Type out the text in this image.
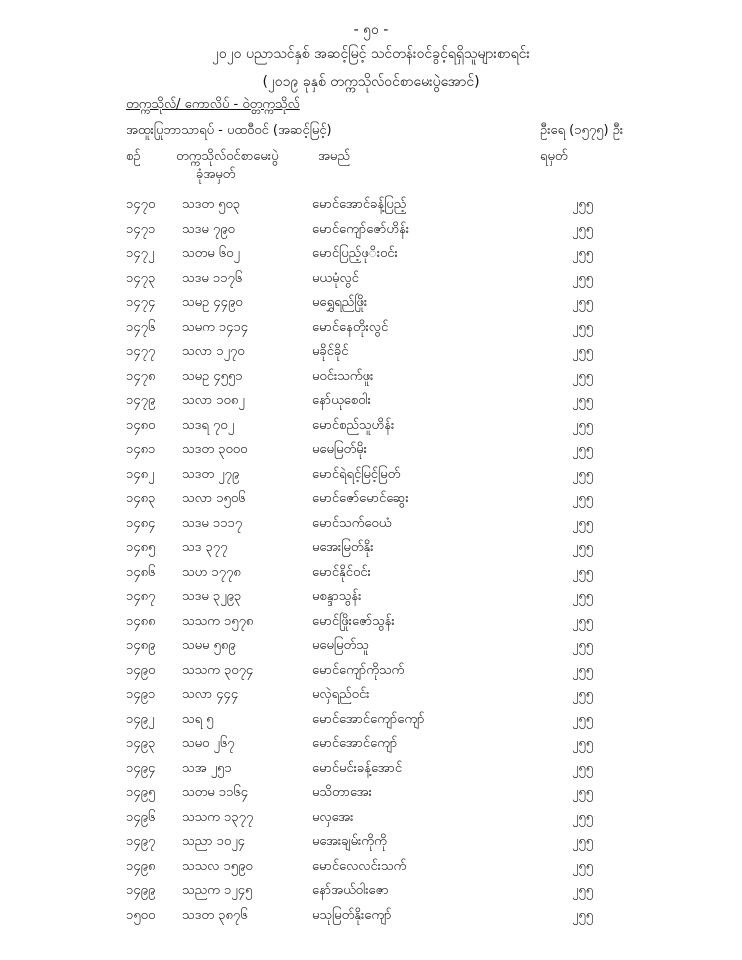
- ၅၀ -
၂၀၂၀ ပညာသင်နှစ် အဆင့်မြင့် သင်တန်းဝင်ခွင့်ရရှိသူများစာရင်း
(၂၀၁၉ ခုနှစ် တက္ကသိုလ်ဝင်စာမေးပွဲအောင်)
တက္ကသိုလ်/ ကောလိပ် - ဝဲတ္တက္ကသိုလ်
အထူးပြုဘာသာရပ် - ပထဝီဝင် (အဆင့်မြင့်)	ဦးရေ (၁၅၇၅) ဦး
စဉ်	တက္ကသိုလ်ဝင်စာမေးပွဲ
ခုံအမှတ်
အမည်	ရမှတ်
၁၄၇၀ သဒတ ၅၀၃	မောင်အောင်ခန့်ပြည့်	၂၅၅
၁၄၇၁ သဒမ ၇၉၀	မောင်ကျော်ဇော်ဟိန်း	၂၅၅
၁၄၇၂ သတမ ၆၀၂	မောင်ပြည့်ဖုိးဝင်း	၂၅၅
၁၄၇၃ သဒမ ၁၁၇၆	မယမုံလွင်	၂၅၅
၁၄၇၄ သမဥ ၄၄၉၀	မရွှေရည်ဖြိုး	၂၅၅
၁၄၇၆ သမက ၁၄၁၄	မောင်နေတိုးလွင်	၂၅၅
၁၄၇၇ သလာ ၁၂၇၀	မခိုင်ခိုင်	၂၅၅
၁၄၇၈ သမဥ ၄၅၅၁	မဝင်းသက်ဖူး	၂၅၅
၁၄၇၉ သလာ ၁၀၈၂	နော်ယုစေဝါး	၂၅၅
၁၄၈၀ သဒရ ၇၀၂	မောင်စည်သူဟိန်း	၂၅၅
၁၄၈၁ သဒတ ၃၀၀၀	မမေမြတ်မိုး	၂၅၅
၁၄၈၂ သဒတ ၂၇၉	မောင်ရဲရင့်မြင့်မြတ်	၂၅၅
၁၄၈၃ သလာ ၁၅၀၆	မောင်ဇော်မောင်ဆွေး	၂၅၅
၁၄၈၄ သဒမ ၁၁၁၇	မောင်သက်ဝေယံ	၂၅၅
၁၄၈၅ သဒ ၃၇၇	မအေးမြတ်နိုး	၂၅၅
၁၄၈၆ သဟ ၁၇၇၈	မောင်နိုင်ဝင်း	၂၅၅
၁၄၈၇ သဒမ ၃၂၉၃	မစန္ဒာသွန်း	၂၅၅
၁၄၈၈ သသက ၁၅၇၈	မောင်ဖြိုးဇော်သွန်း	၂၅၅
၁၄၈၉ သမမ ၅၈၉	မမေမြတ်သူ	၂၅၅
၁၄၉၀ သသက ၃၀၇၄	မောင်ကျော်ကိုသက်	၂၅၅
၁၄၉၁ သလာ ၄၄၄	မလှဲရည်ဝင်း	၂၅၅
၁၄၉၂ သရ ၅	မောင်အောင်ကျော်ကျော်	၂၅၅
၁၄၉၃ သမဝ ၂၆၇	မောင်အောင်ကျော်	၂၅၅
၁၄၉၄ သအ ၂၅၁	မောင်မင်းခန့်အောင်	၂၅၅
၁၄၉၅ သတမ ၁၁၆၄	မသိတာအေး	၂၅၅
၁၄၉၆ သသက ၁၃၇၇	မလှအေး	၂၅၅
၁၄၉၇ သညာ ၁၀၂၄	မအေးချမ်းကိုကို	၂၅၅
၁၄၉၈ သသလ ၁၅၉၀	မောင်လေလင်းသက်	၂၅၅
၁၄၉၉ သညက ၁၂၄၅	နော်အယ်ဝါးဇော	၂၅၅
၁၅၀၀ သဒတ ၃၈၇၆	မသုမြတ်နိုးကျော်	၂၅၅
